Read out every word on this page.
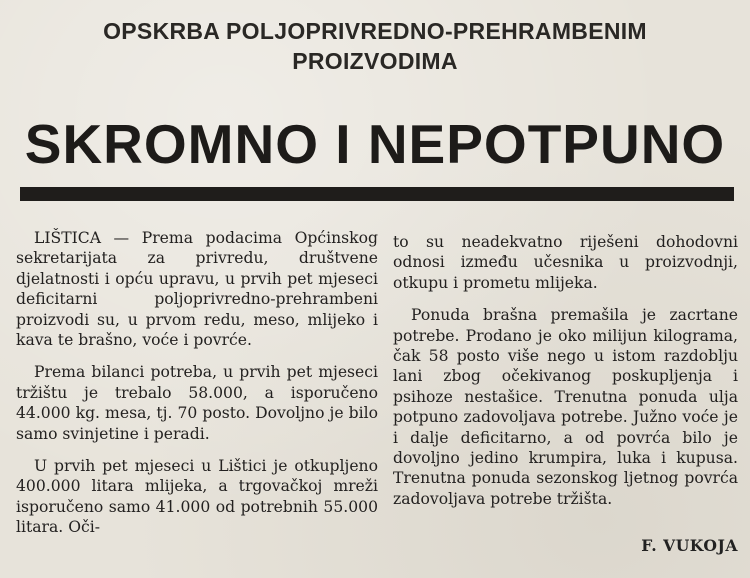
OPSKRBA POLJOPRIVREDNO-PREHRAMBENIM
PROIZVODIMA
SKROMNO I NEPOTPUNO

LIŠTICA — Prema podacima Općinskog sekretarijata za privredu, društvene djelatnosti i opću upravu, u prvih pet mjeseci deficitarni poljoprivredno-prehrambeni proizvodi su, u prvom redu, meso, mlijeko i kava te brašno, voće i povrće.

Prema bilanci potreba, u prvih pet mjeseci tržištu je trebalo 58.000, a isporučeno 44.000 kg. mesa, tj. 70 posto. Dovoljno je bilo samo svinjetine i peradi.

U prvih pet mjeseci u Lištici je otkupljeno 400.000 litara mlijeka, a trgovačkoj mreži isporučeno samo 41.000 od potrebnih 55.000 litara. Oči-

to su neadekvatno riješeni dohodovni odnosi između učesnika u proizvodnji, otkupu i prometu mlijeka.

Ponuda brašna premašila je zacrtane potrebe. Prodano je oko milijun kilograma, čak 58 posto više nego u istom razdoblju lani zbog očekivanog poskupljenja i psihoze nestašice. Trenutna ponuda ulja potpuno zadovoljava potrebe. Južno voće je i dalje deficitarno, a od povrća bilo je dovoljno jedino krumpira, luka i kupusa. Trenutna ponuda sezonskog ljetnog povrća zadovoljava potrebe tržišta.

F. VUKOJA
